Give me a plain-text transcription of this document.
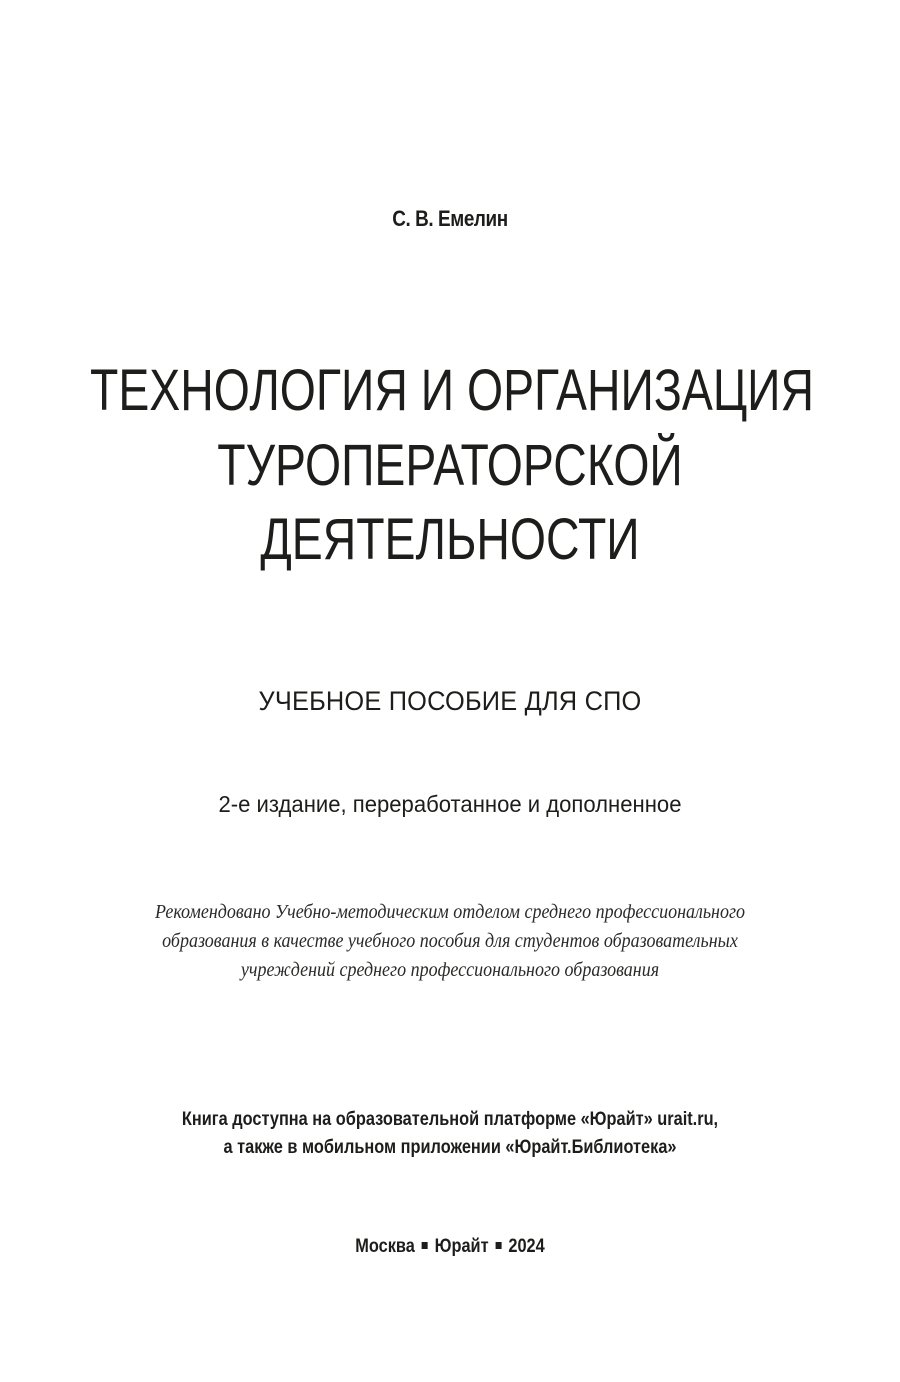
С. В. Емелин
ТЕХНОЛОГИЯ И ОРГАНИЗАЦИЯ
ТУРОПЕРАТОРСКОЙ
ДЕЯТЕЛЬНОСТИ
УЧЕБНОЕ ПОСОБИЕ ДЛЯ СПО
2-е издание, переработанное и дополненное
Рекомендовано Учебно-методическим отделом среднего профессионального
образования в качестве учебного пособия для студентов образовательных
учреждений среднего профессионального образования
Книга доступна на образовательной платформе «Юрайт» urait.ru,
а также в мобильном приложении «Юрайт.Библиотека»
Москва Юрайт 2024
